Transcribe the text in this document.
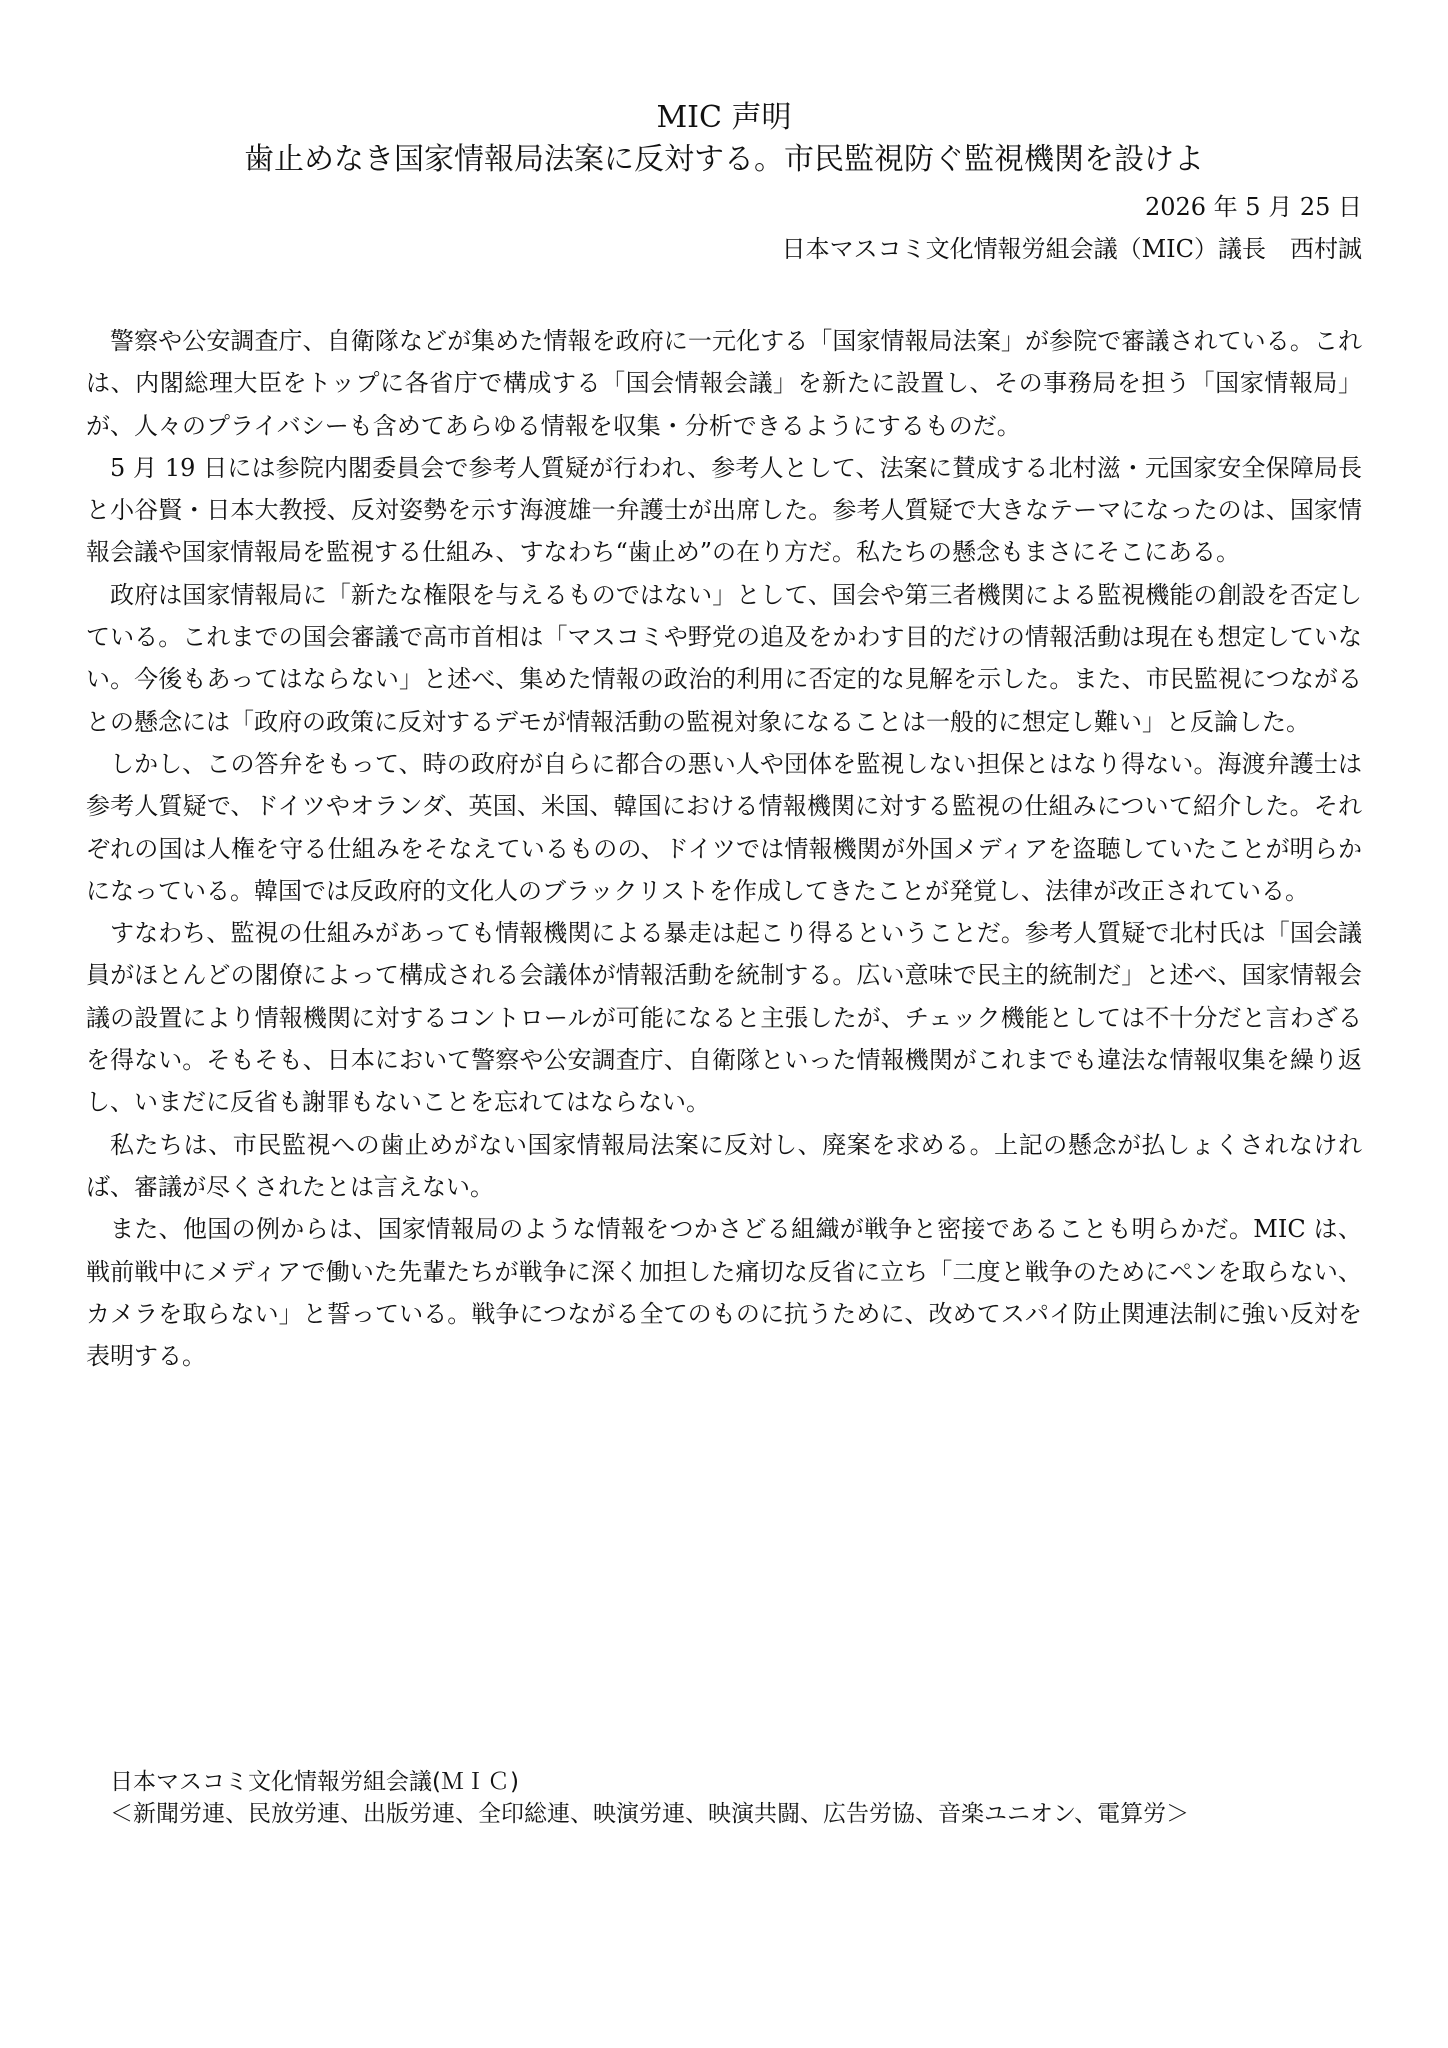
MIC 声明
歯止めなき国家情報局法案に反対する。市民監視防ぐ監視機関を設けよ
2026 年 5 月 25 日
日本マスコミ文化情報労組会議（MIC）議長　西村誠

警察や公安調査庁、自衛隊などが集めた情報を政府に一元化する「国家情報局法案」が参院で審議されている。これは、内閣総理大臣をトップに各省庁で構成する「国会情報会議」を新たに設置し、その事務局を担う「国家情報局」が、人々のプライバシーも含めてあらゆる情報を収集・分析できるようにするものだ。

5 月 19 日には参院内閣委員会で参考人質疑が行われ、参考人として、法案に賛成する北村滋・元国家安全保障局長と小谷賢・日本大教授、反対姿勢を示す海渡雄一弁護士が出席した。参考人質疑で大きなテーマになったのは、国家情報会議や国家情報局を監視する仕組み、すなわち“歯止め”の在り方だ。私たちの懸念もまさにそこにある。

政府は国家情報局に「新たな権限を与えるものではない」として、国会や第三者機関による監視機能の創設を否定している。これまでの国会審議で高市首相は「マスコミや野党の追及をかわす目的だけの情報活動は現在も想定していない。今後もあってはならない」と述べ、集めた情報の政治的利用に否定的な見解を示した。また、市民監視につながるとの懸念には「政府の政策に反対するデモが情報活動の監視対象になることは一般的に想定し難い」と反論した。

しかし、この答弁をもって、時の政府が自らに都合の悪い人や団体を監視しない担保とはなり得ない。海渡弁護士は参考人質疑で、ドイツやオランダ、英国、米国、韓国における情報機関に対する監視の仕組みについて紹介した。それぞれの国は人権を守る仕組みをそなえているものの、ドイツでは情報機関が外国メディアを盗聴していたことが明らかになっている。韓国では反政府的文化人のブラックリストを作成してきたことが発覚し、法律が改正されている。

すなわち、監視の仕組みがあっても情報機関による暴走は起こり得るということだ。参考人質疑で北村氏は「国会議員がほとんどの閣僚によって構成される会議体が情報活動を統制する。広い意味で民主的統制だ」と述べ、国家情報会議の設置により情報機関に対するコントロールが可能になると主張したが、チェック機能としては不十分だと言わざるを得ない。そもそも、日本において警察や公安調査庁、自衛隊といった情報機関がこれまでも違法な情報収集を繰り返し、いまだに反省も謝罪もないことを忘れてはならない。

私たちは、市民監視への歯止めがない国家情報局法案に反対し、廃案を求める。上記の懸念が払しょくされなければ、審議が尽くされたとは言えない。

また、他国の例からは、国家情報局のような情報をつかさどる組織が戦争と密接であることも明らかだ。MIC は、戦前戦中にメディアで働いた先輩たちが戦争に深く加担した痛切な反省に立ち「二度と戦争のためにペンを取らない、カメラを取らない」と誓っている。戦争につながる全てのものに抗うために、改めてスパイ防止関連法制に強い反対を表明する。

日本マスコミ文化情報労組会議(ＭＩＣ)
＜新聞労連、民放労連、出版労連、全印総連、映演労連、映演共闘、広告労協、音楽ユニオン、電算労＞
